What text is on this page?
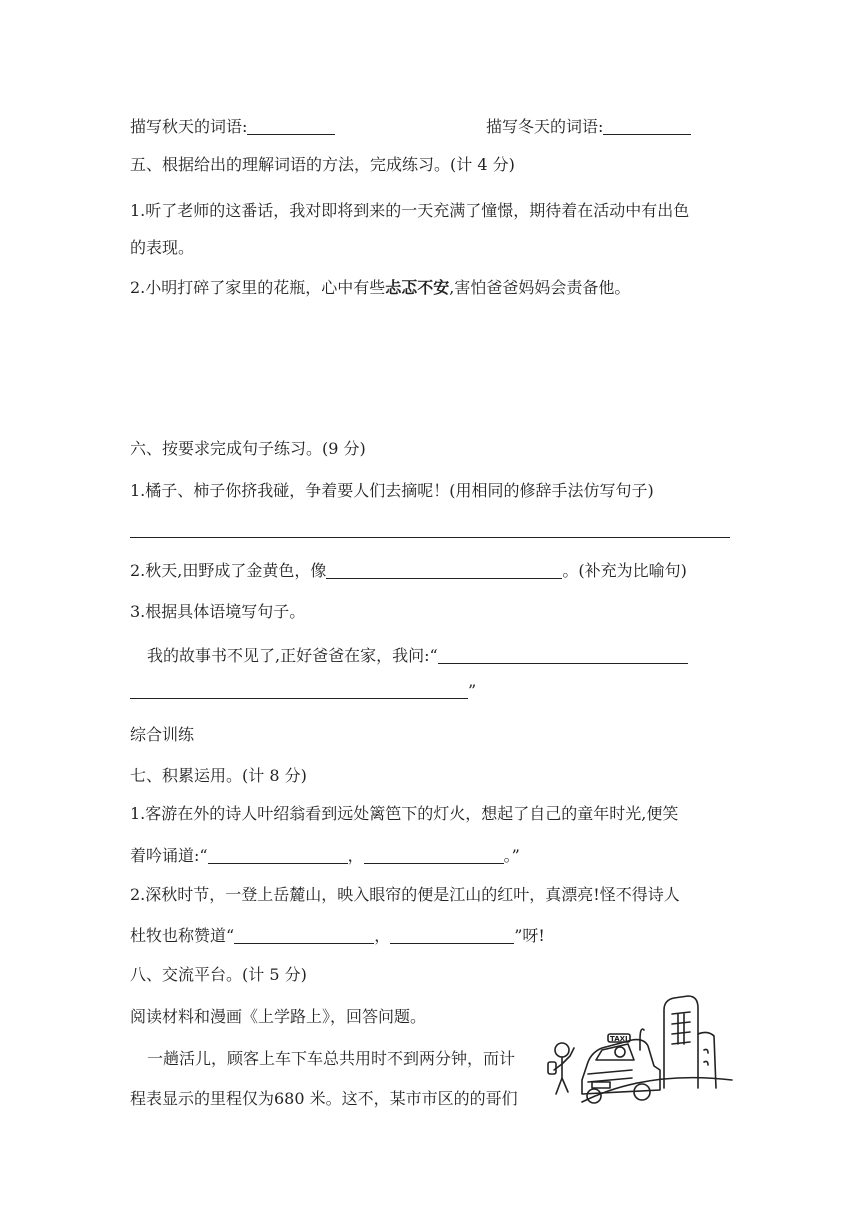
描写秋天的词语:	描写冬天的词语:
五、根据给出的理解词语的方法，完成练习。(计 4 分)
1.听了老师的这番话，我对即将到来的一天充满了憧憬，期待着在活动中有出色
的表现。
2.小明打碎了家里的花瓶，心中有些忐忑不安,害怕爸爸妈妈会责备他。
六、按要求完成句子练习。(9 分)
1.橘子、柿子你挤我碰，争着要人们去摘呢！(用相同的修辞手法仿写句子)
2.秋天,田野成了金黄色，像	。(补充为比喻句)
3.根据具体语境写句子。
我的故事书不见了,正好爸爸在家，我问:“
”
综合训练
七、积累运用。(计 8 分)
1.客游在外的诗人叶绍翁看到远处篱笆下的灯火，想起了自己的童年时光,便笑
着吟诵道:“	，	。”
2.深秋时节，一登上岳麓山，映入眼帘的便是江山的红叶，真漂亮!怪不得诗人
杜牧也称赞道“	，	”呀!
八、交流平台。(计 5 分)
阅读材料和漫画《上学路上》，回答问题。
一趟活儿，顾客上车下车总共用时不到两分钟，而计
程表显示的里程仅为680 米。这不，某市市区的的哥们
TAXI
